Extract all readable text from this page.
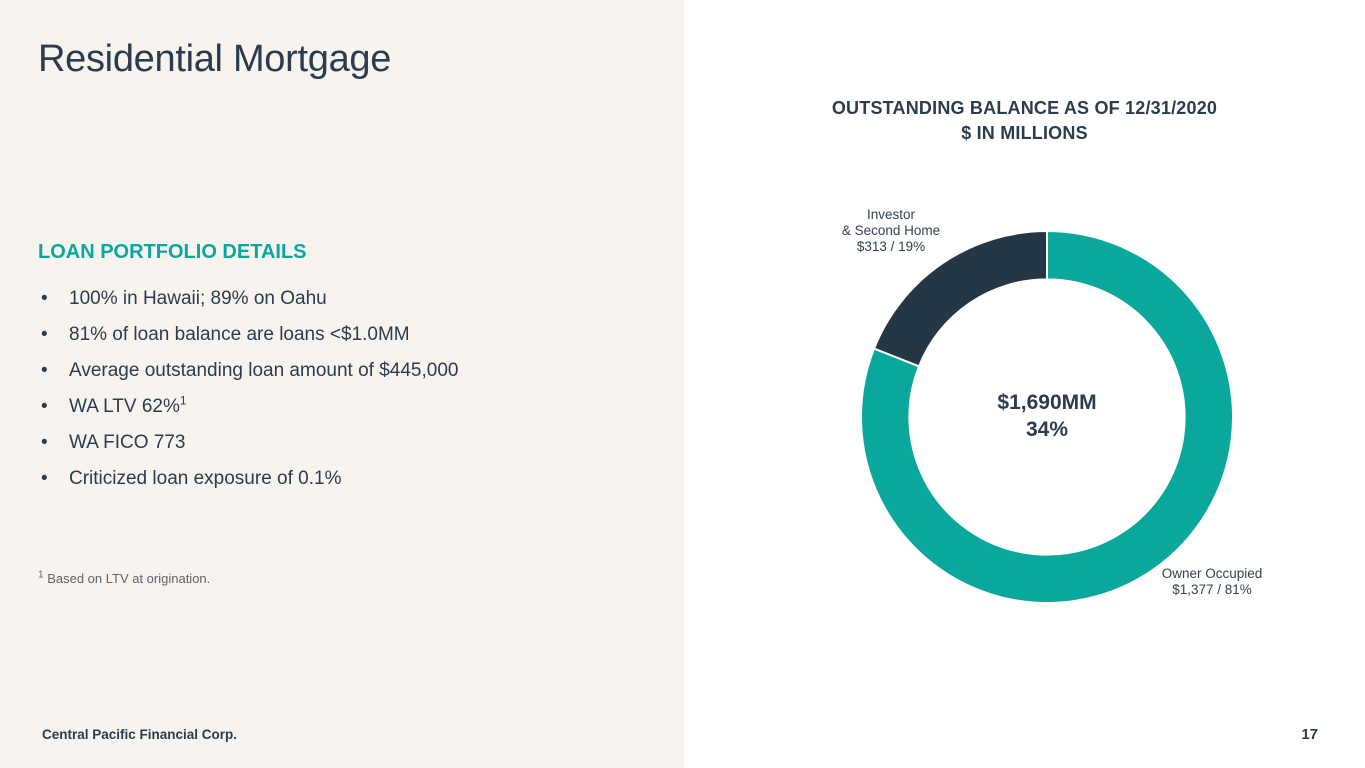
Residential Mortgage
LOAN PORTFOLIO DETAILS
• 100% in Hawaii; 89% on Oahu
• 81% of loan balance are loans <$1.0MM
• Average outstanding loan amount of $445,000
• WA LTV 62%$^1$
• WA FICO 773
• Criticized loan exposure of 0.1%
$^1$ Based on LTV at origination.
Central Pacific Financial Corp.
OUTSTANDING BALANCE AS OF 12/31/2020
$ IN MILLIONS
$1,690MM
34%
Investor
& Second Home
$313 / 19%
Owner Occupied
$1,377 / 81%
17
